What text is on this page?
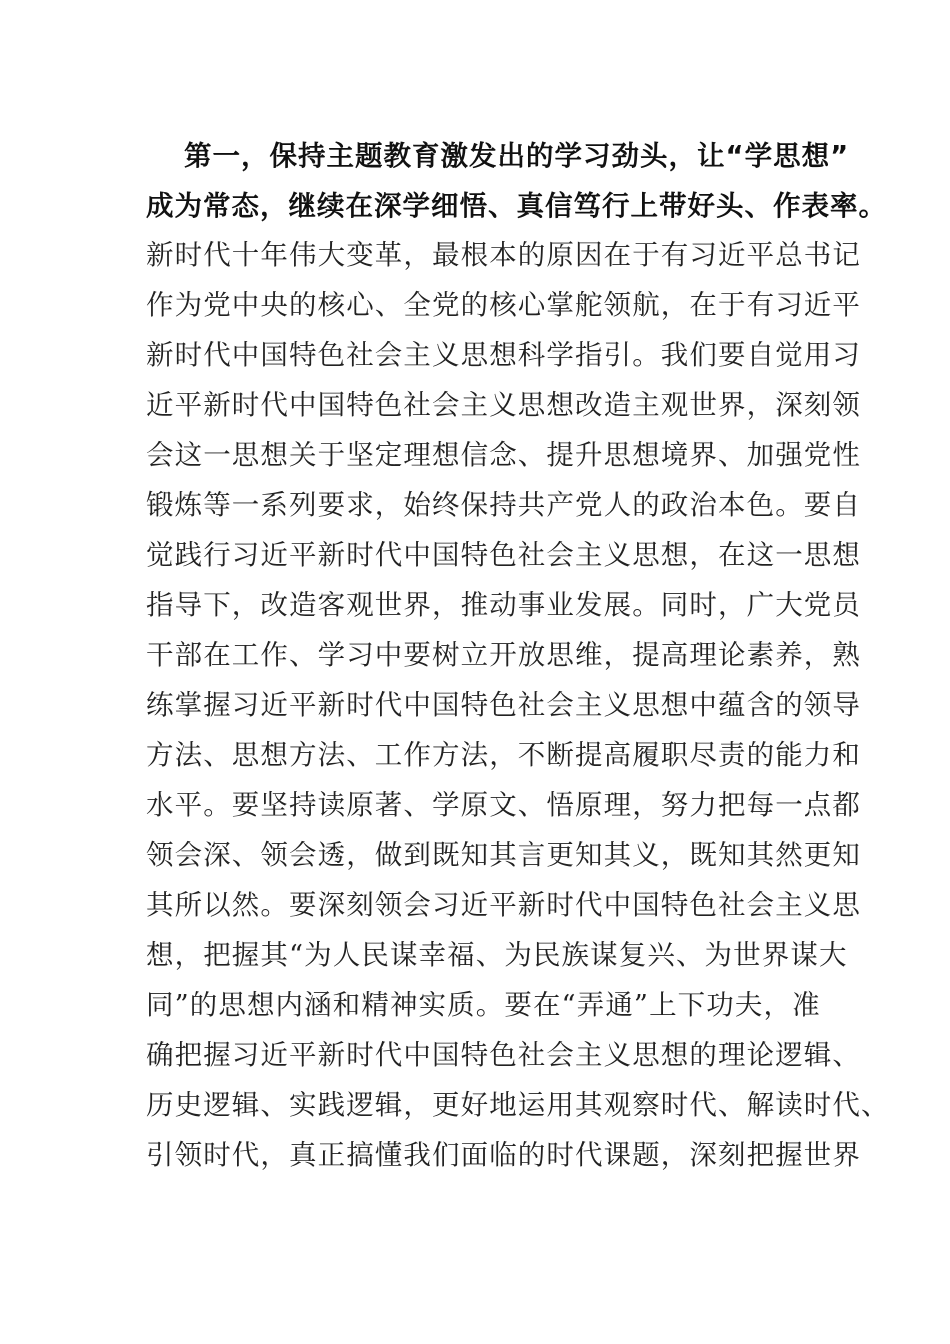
第一，保持主题教育激发出的学习劲头，让“学思想”
成为常态，继续在深学细悟、真信笃行上带好头、作表率。
新时代十年伟大变革，最根本的原因在于有习近平总书记
作为党中央的核心、全党的核心掌舵领航，在于有习近平
新时代中国特色社会主义思想科学指引。我们要自觉用习
近平新时代中国特色社会主义思想改造主观世界，深刻领
会这一思想关于坚定理想信念、提升思想境界、加强党性
锻炼等一系列要求，始终保持共产党人的政治本色。要自
觉践行习近平新时代中国特色社会主义思想，在这一思想
指导下，改造客观世界，推动事业发展。同时，广大党员
干部在工作、学习中要树立开放思维，提高理论素养，熟
练掌握习近平新时代中国特色社会主义思想中蕴含的领导
方法、思想方法、工作方法，不断提高履职尽责的能力和
水平。要坚持读原著、学原文、悟原理，努力把每一点都
领会深、领会透，做到既知其言更知其义，既知其然更知
其所以然。要深刻领会习近平新时代中国特色社会主义思
想，把握其“为人民谋幸福、为民族谋复兴、为世界谋大
同”的思想内涵和精神实质。要在“弄通”上下功夫，准
确把握习近平新时代中国特色社会主义思想的理论逻辑、
历史逻辑、实践逻辑，更好地运用其观察时代、解读时代、
引领时代，真正搞懂我们面临的时代课题，深刻把握世界
